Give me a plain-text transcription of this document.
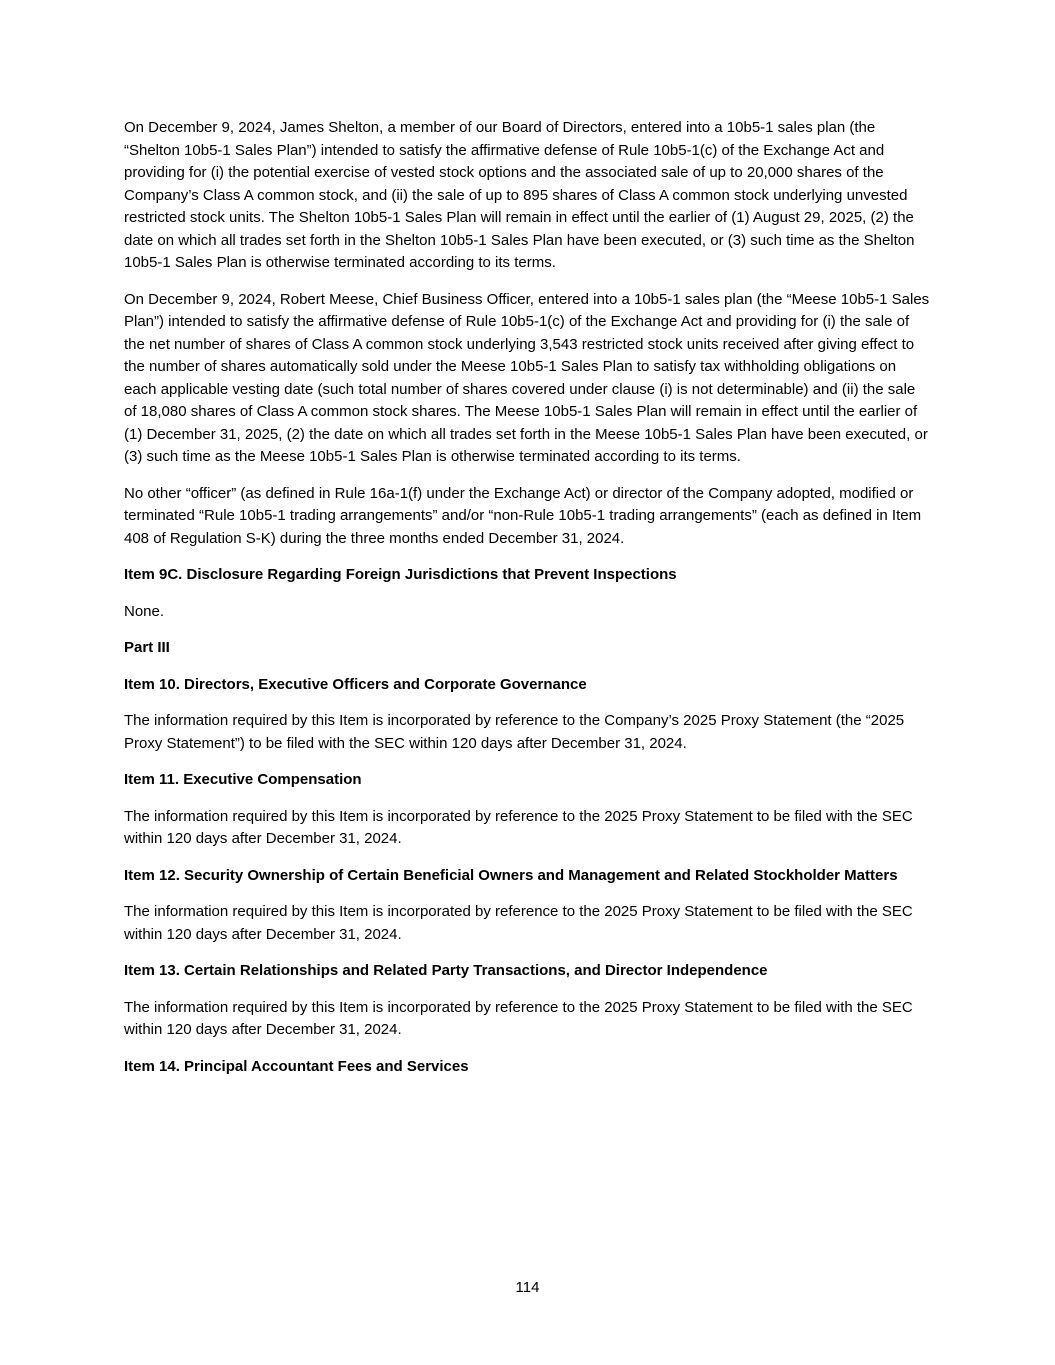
On December 9, 2024, James Shelton, a member of our Board of Directors, entered into a 10b5-1 sales plan (the “Shelton 10b5-1 Sales Plan”) intended to satisfy the affirmative defense of Rule 10b5-1(c) of the Exchange Act and providing for (i) the potential exercise of vested stock options and the associated sale of up to 20,000 shares of the Company’s Class A common stock, and (ii) the sale of up to 895 shares of Class A common stock underlying unvested restricted stock units. The Shelton 10b5-1 Sales Plan will remain in effect until the earlier of (1) August 29, 2025, (2) the date on which all trades set forth in the Shelton 10b5-1 Sales Plan have been executed, or (3) such time as the Shelton 10b5-1 Sales Plan is otherwise terminated according to its terms.

On December 9, 2024, Robert Meese, Chief Business Officer, entered into a 10b5-1 sales plan (the “Meese 10b5-1 Sales Plan”) intended to satisfy the affirmative defense of Rule 10b5-1(c) of the Exchange Act and providing for (i) the sale of the net number of shares of Class A common stock underlying 3,543 restricted stock units received after giving effect to the number of shares automatically sold under the Meese 10b5-1 Sales Plan to satisfy tax withholding obligations on each applicable vesting date (such total number of shares covered under clause (i) is not determinable) and (ii) the sale of 18,080 shares of Class A common stock shares. The Meese 10b5-1 Sales Plan will remain in effect until the earlier of (1) December 31, 2025, (2) the date on which all trades set forth in the Meese 10b5-1 Sales Plan have been executed, or (3) such time as the Meese 10b5-1 Sales Plan is otherwise terminated according to its terms.

No other “officer” (as defined in Rule 16a-1(f) under the Exchange Act) or director of the Company adopted, modified or terminated “Rule 10b5-1 trading arrangements” and/or “non-Rule 10b5-1 trading arrangements” (each as defined in Item 408 of Regulation S-K) during the three months ended December 31, 2024.

Item 9C. Disclosure Regarding Foreign Jurisdictions that Prevent Inspections

None.

Part III
Item 10. Directors, Executive Officers and Corporate Governance

The information required by this Item is incorporated by reference to the Company’s 2025 Proxy Statement (the “2025 Proxy Statement”) to be filed with the SEC within 120 days after December 31, 2024.

Item 11. Executive Compensation

The information required by this Item is incorporated by reference to the 2025 Proxy Statement to be filed with the SEC within 120 days after December 31, 2024.

Item 12. Security Ownership of Certain Beneficial Owners and Management and Related Stockholder Matters

The information required by this Item is incorporated by reference to the 2025 Proxy Statement to be filed with the SEC within 120 days after December 31, 2024.

Item 13. Certain Relationships and Related Party Transactions, and Director Independence

The information required by this Item is incorporated by reference to the 2025 Proxy Statement to be filed with the SEC within 120 days after December 31, 2024.

Item 14. Principal Accountant Fees and Services
114
